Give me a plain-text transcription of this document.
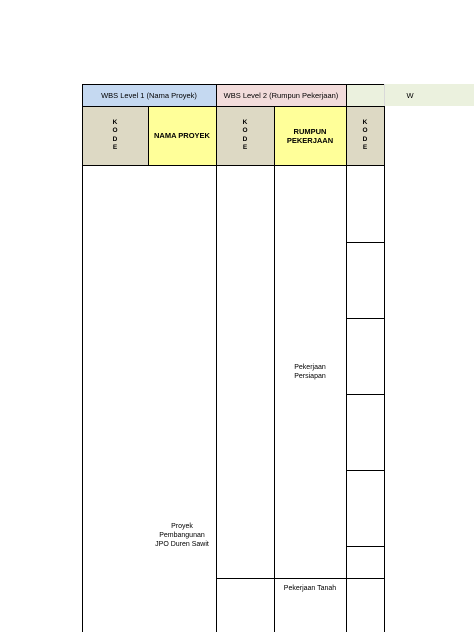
WBS Level 1 (Nama Proyek)	WBS Level 2 (Rumpun Pekerjaan)	W
K
O
D
E
NAMA PROYEK
K
O
D
E
RUMPUN
PEKERJAAN
K
O
D
E
Proyek
Pembangunan
JPO Duren Sawit
Pekerjaan
Persiapan
Pekerjaan Tanah
